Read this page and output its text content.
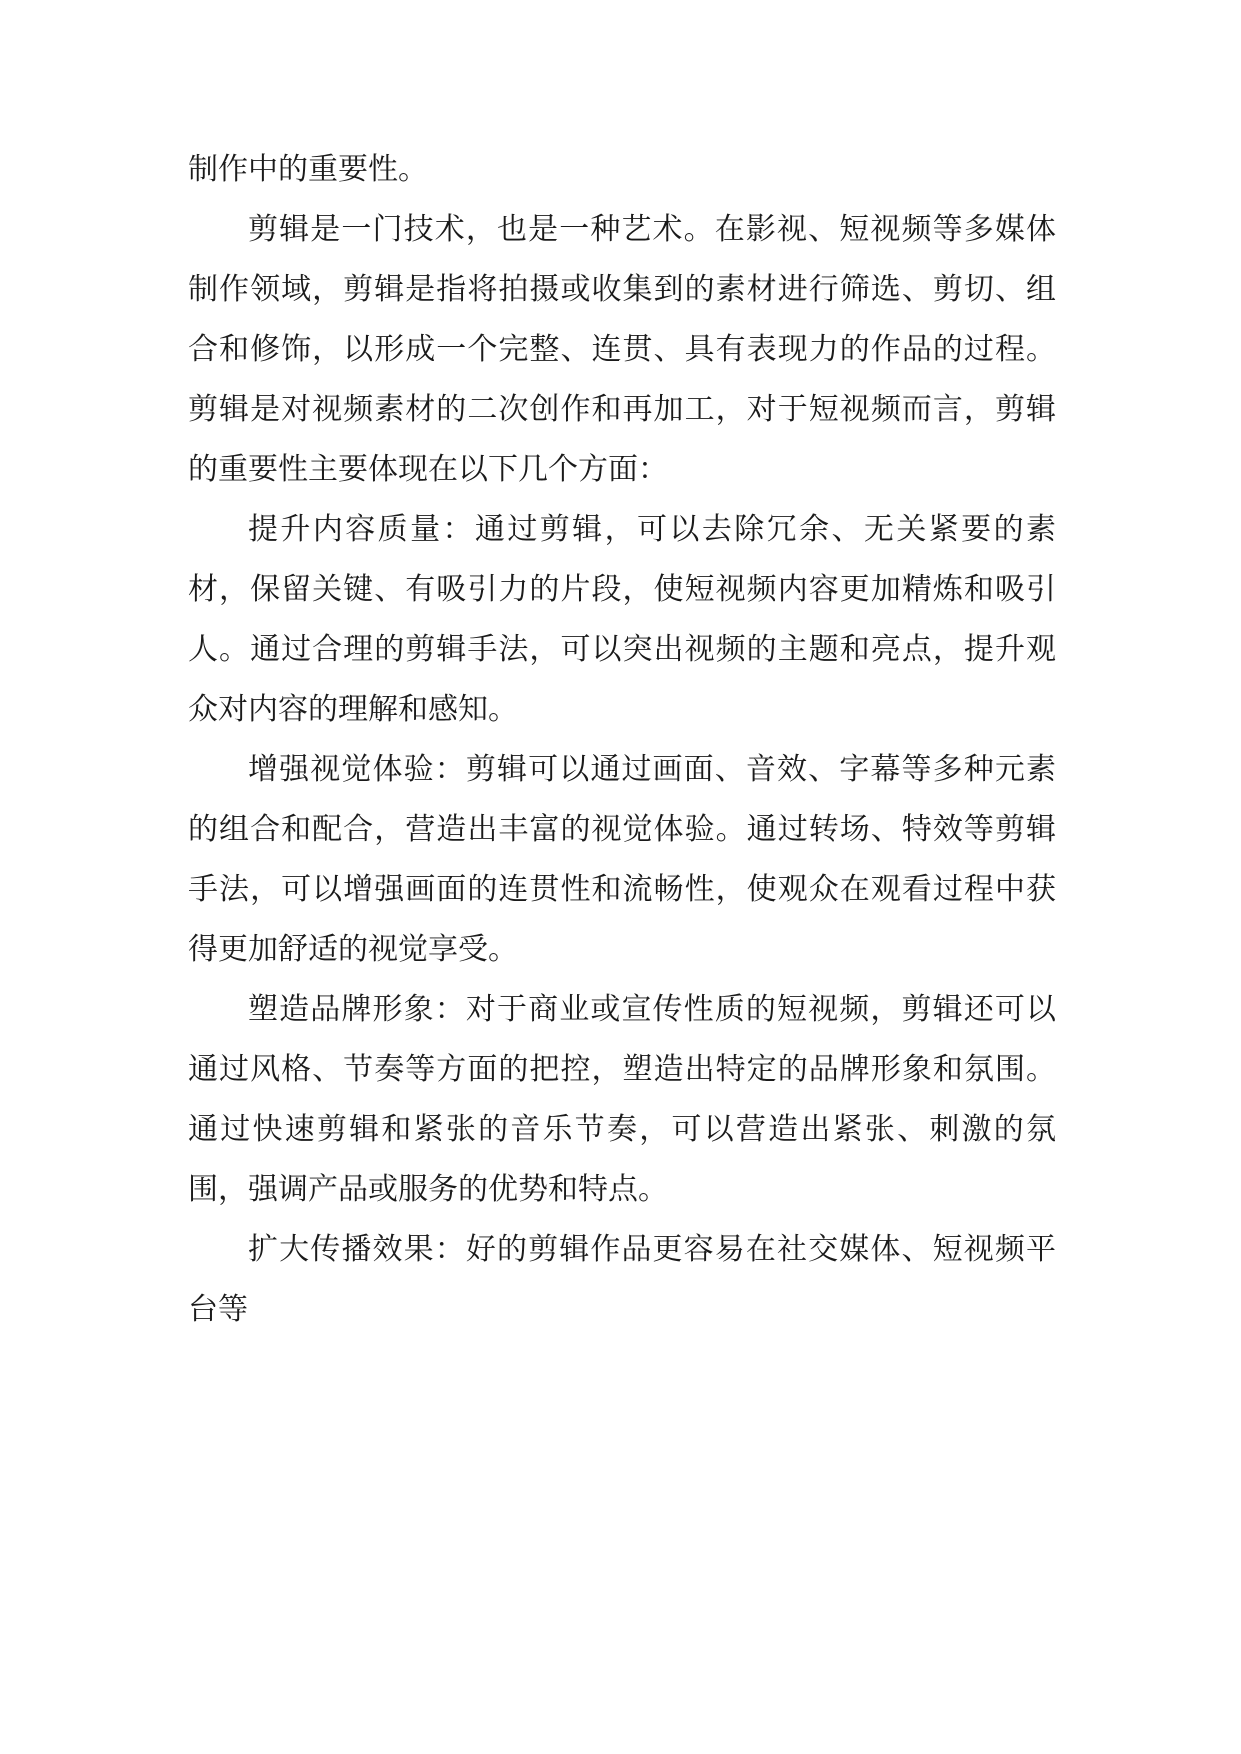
制作中的重要性。

剪辑是一门技术，也是一种艺术。在影视、短视频等多媒体制作领域，剪辑是指将拍摄或收集到的素材进行筛选、剪切、组合和修饰，以形成一个完整、连贯、具有表现力的作品的过程。剪辑是对视频素材的二次创作和再加工，对于短视频而言，剪辑的重要性主要体现在以下几个方面：

提升内容质量：通过剪辑，可以去除冗余、无关紧要的素材，保留关键、有吸引力的片段，使短视频内容更加精炼和吸引人。通过合理的剪辑手法，可以突出视频的主题和亮点，提升观众对内容的理解和感知。

增强视觉体验：剪辑可以通过画面、音效、字幕等多种元素的组合和配合，营造出丰富的视觉体验。通过转场、特效等剪辑手法，可以增强画面的连贯性和流畅性，使观众在观看过程中获得更加舒适的视觉享受。

塑造品牌形象：对于商业或宣传性质的短视频，剪辑还可以通过风格、节奏等方面的把控，塑造出特定的品牌形象和氛围。通过快速剪辑和紧张的音乐节奏，可以营造出紧张、刺激的氛围，强调产品或服务的优势和特点。

扩大传播效果：好的剪辑作品更容易在社交媒体、短视频平台等
